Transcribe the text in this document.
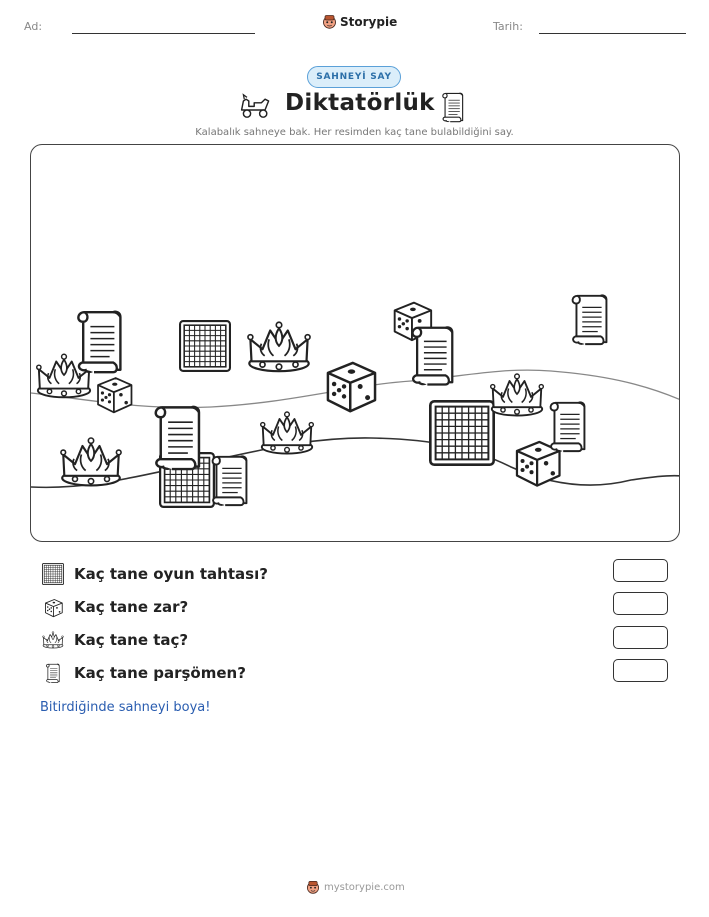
Ad:	Storypie	Tarih:
SAHNEYİ SAY
Diktatörlük
Kalabalık sahneye bak. Her resimden kaç tane bulabildiğini say.
Kaç tane oyun tahtası?
Kaç tane zar?
Kaç tane taç?
Kaç tane parşömen?
Bitirdiğinde sahneyi boya!
mystorypie.com
